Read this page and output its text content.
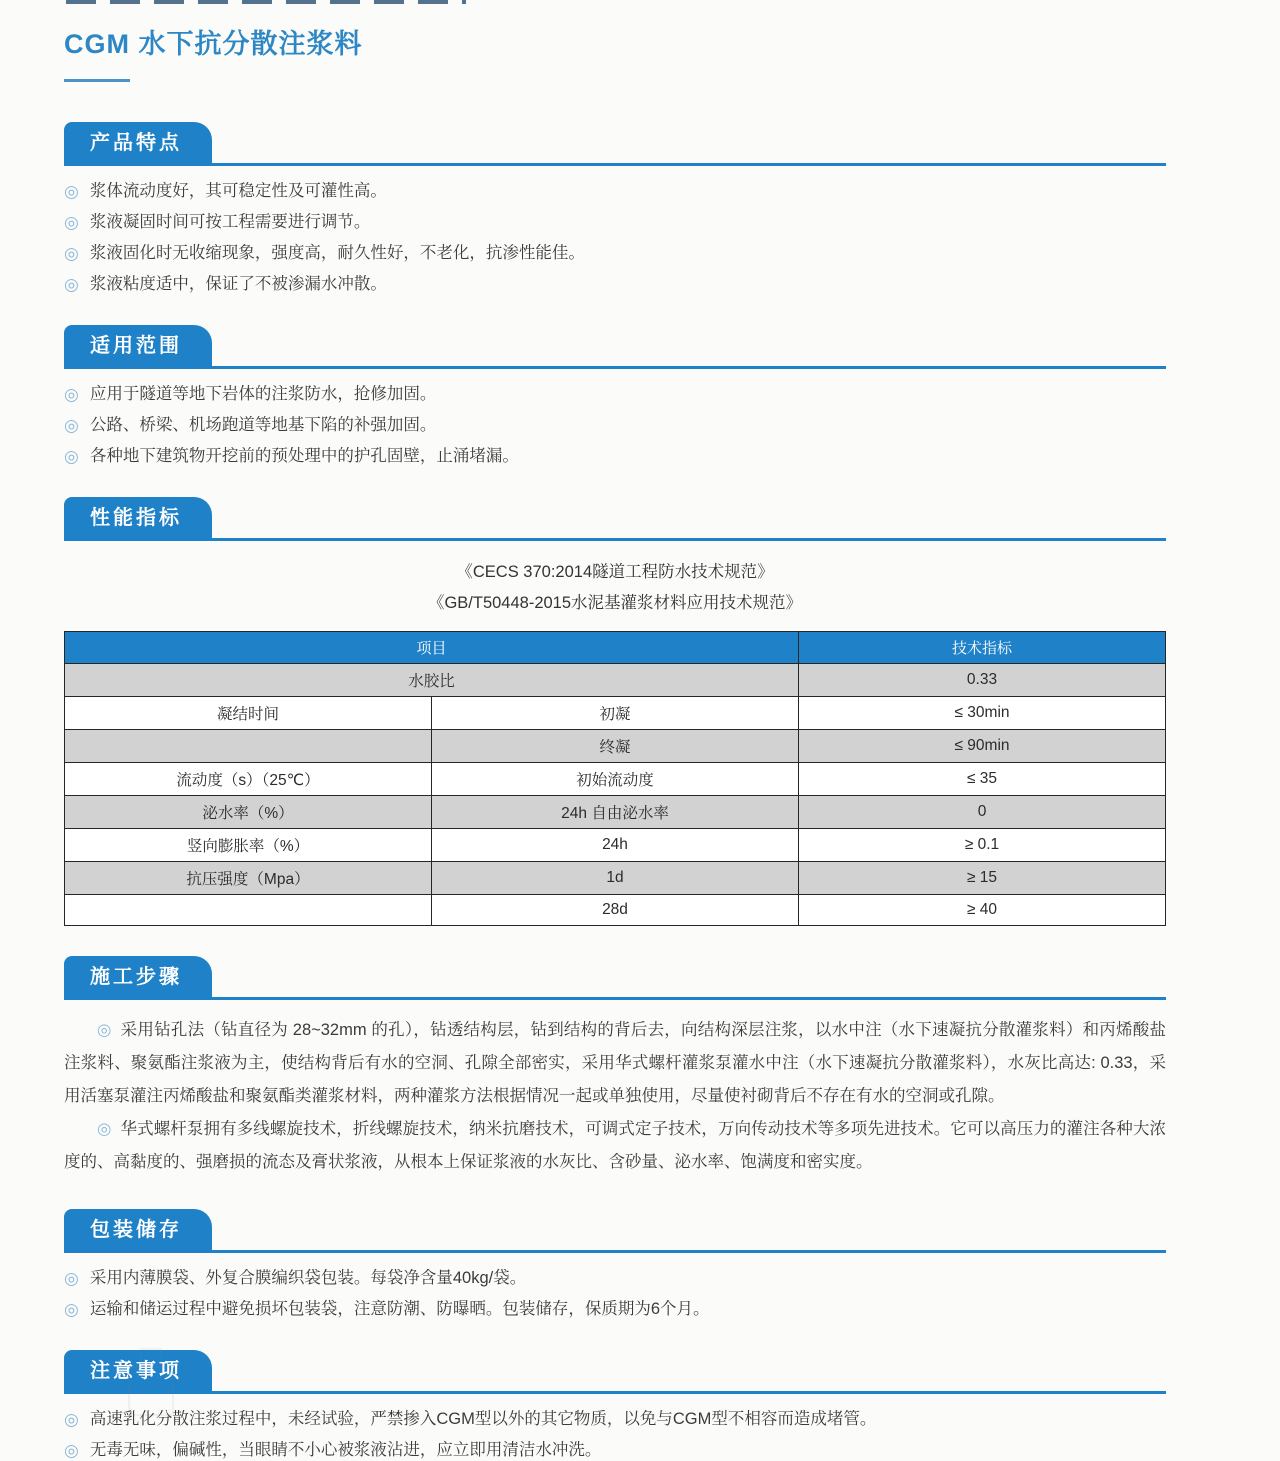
CGM 水下抗分散注浆料
产品特点
◎ 浆体流动度好，其可稳定性及可灌性高。
◎ 浆液凝固时间可按工程需要进行调节。
◎ 浆液固化时无收缩现象，强度高，耐久性好，不老化，抗渗性能佳。
◎ 浆液粘度适中，保证了不被渗漏水冲散。
适用范围
◎ 应用于隧道等地下岩体的注浆防水，抢修加固。
◎ 公路、桥梁、机场跑道等地基下陷的补强加固。
◎ 各种地下建筑物开挖前的预处理中的护孔固壁，止涌堵漏。
性能指标

《CECS 370:2014隧道工程防水技术规范》

《GB/T50448-2015水泥基灌浆材料应用技术规范》

项目		技术指标
水胶比		0.33
凝结时间	初凝	≤ 30min
	终凝	≤ 90min
流动度（s）（25℃）	初始流动度	≤ 35
泌水率（%）	24h 自由泌水率	0
竖向膨胀率（%）	24h	≥ 0.1
抗压强度（Mpa）	1d	≥ 15
	28d	≥ 40
施工步骤

◎ 采用钻孔法（钻直径为 28~32mm 的孔），钻透结构层，钻到结构的背后去，向结构深层注浆，以水中注（水下速凝抗分散灌浆料）和丙烯酸盐注浆料、聚氨酯注浆液为主，使结构背后有水的空洞、孔隙全部密实，采用华式螺杆灌浆泵灌水中注（水下速凝抗分散灌浆料），水灰比高达: 0.33，采用活塞泵灌注丙烯酸盐和聚氨酯类灌浆材料，两种灌浆方法根据情况一起或单独使用，尽量使衬砌背后不存在有水的空洞或孔隙。

◎ 华式螺杆泵拥有多线螺旋技术，折线螺旋技术，纳米抗磨技术，可调式定子技术，万向传动技术等多项先进技术。它可以高压力的灌注各种大浓度的、高黏度的、强磨损的流态及膏状浆液，从根本上保证浆液的水灰比、含砂量、泌水率、饱满度和密实度。

包装储存
◎ 采用内薄膜袋、外复合膜编织袋包装。每袋净含量40kg/袋。
◎ 运输和储运过程中避免损坏包装袋，注意防潮、防曝晒。包装储存，保质期为6个月。
注意事项
◎ 高速乳化分散注浆过程中，未经试验，严禁掺入CGM型以外的其它物质，以免与CGM型不相容而造成堵管。
◎ 无毒无味，偏碱性，当眼睛不小心被浆液沾进，应立即用清洁水冲洗。
